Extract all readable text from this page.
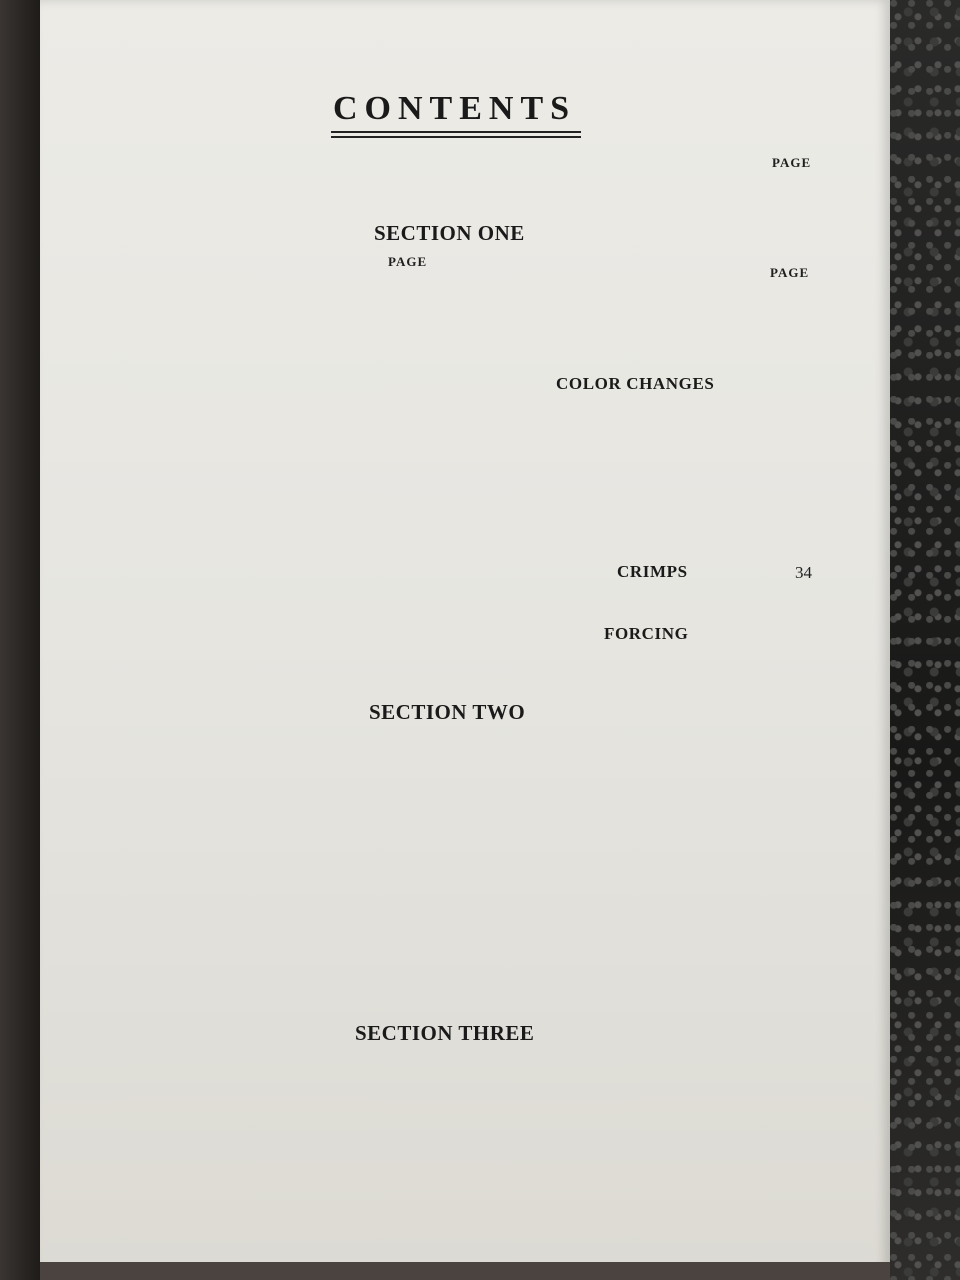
CONTENTS
PAGE
SECTION ONE
PAGE
PAGE
SECTION TWO
SECTION THREE
COLOR CHANGES
CRIMPS	34
FORCING
